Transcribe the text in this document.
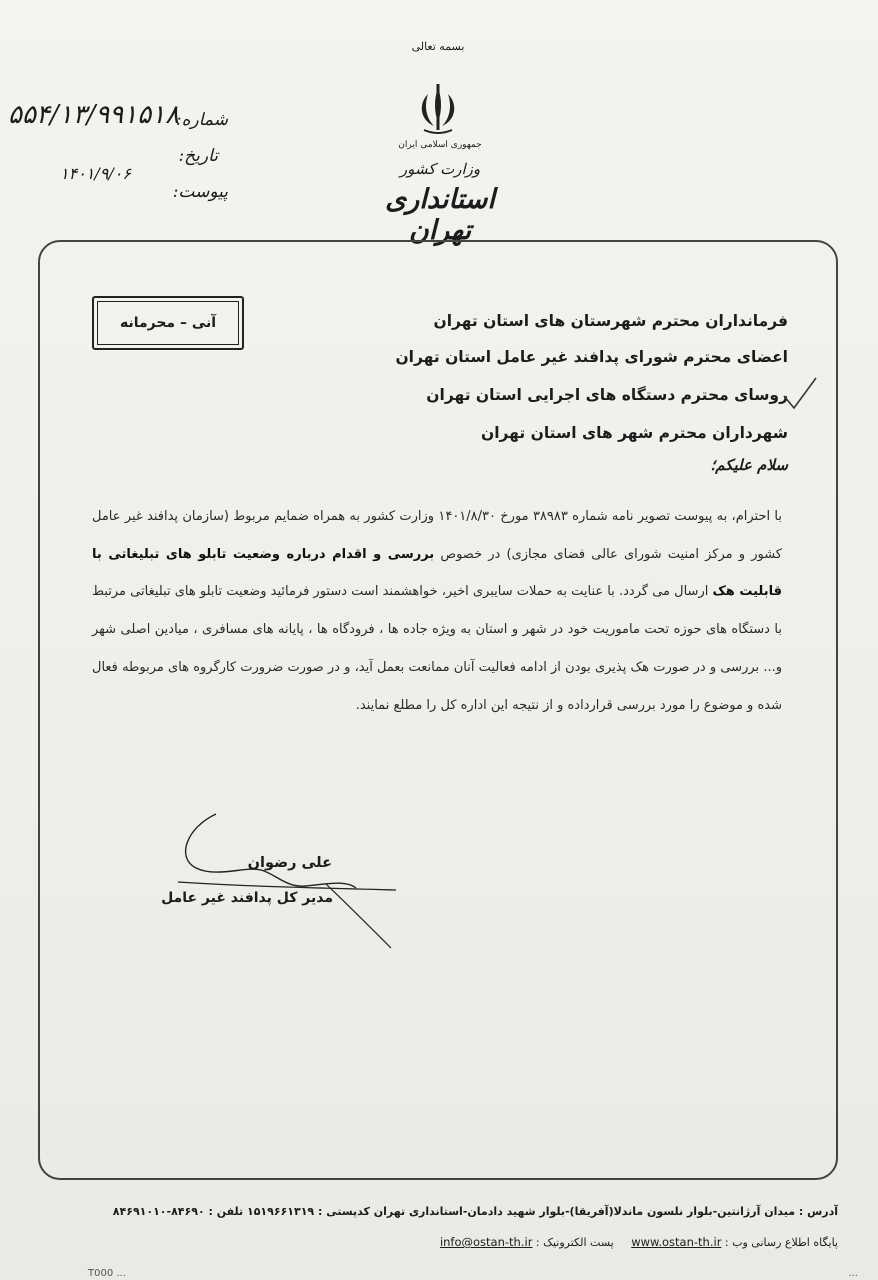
بسمه تعالی
جمهوری اسلامی ایران
وزارت کشور
استانداری تهران
شماره:
۵۵۴/۱۳/۹۹۱۵۱۸
تاریخ:
۱۴۰۱/۹/۰۶
پیوست:
آنی – محرمانه	فرمانداران محترم شهرستان های استان تهران
اعضای محترم شورای پدافند غیر عامل استان تهران
روسای محترم دستگاه های اجرایی استان تهران
شهرداران محترم شهر های استان تهران
سلام علیکم؛
با احترام، به پیوست تصویر نامه شماره ۳۸۹۸۳ مورخ ۱۴۰۱/۸/۳۰ وزارت کشور به همراه ضمایم مربوط (سازمان پدافند غیر عامل کشور و مرکز امنیت شورای عالی فضای مجازی) در خصوص بررسی و اقدام درباره وضعیت تابلو های تبلیغاتی با قابلیت هک ارسال می گردد. با عنایت به حملات سایبری اخیر، خواهشمند است دستور فرمائید وضعیت تابلو های تبلیغاتی مرتبط با دستگاه های حوزه تحت ماموریت خود در شهر و استان به ویژه جاده ها ، فرودگاه ها ، پایانه های مسافری ، میادین اصلی شهر و... بررسی و در صورت هک پذیری بودن از ادامه فعالیت آنان ممانعت بعمل آید، و در صورت ضرورت کارگروه های مربوطه فعال شده و موضوع را مورد بررسی قرارداده و از نتیجه این اداره کل را مطلع نمایند.
علی رضوان
مدیر کل پدافند غیر عامل
آدرس : میدان آرژانتین-بلوار نلسون ماندلا(آفریقا)-بلوار شهید دادمان-استانداری تهران کدپستی : ۱۵۱۹۶۶۱۳۱۹ تلفن : ۸۴۶۹۰-۸۴۶۹۱۰۱۰
پایگاه اطلاع رسانی وب : www.ostan-th.ir     پست الکترونیک : info@ostan-th.ir
T000 ...	...
